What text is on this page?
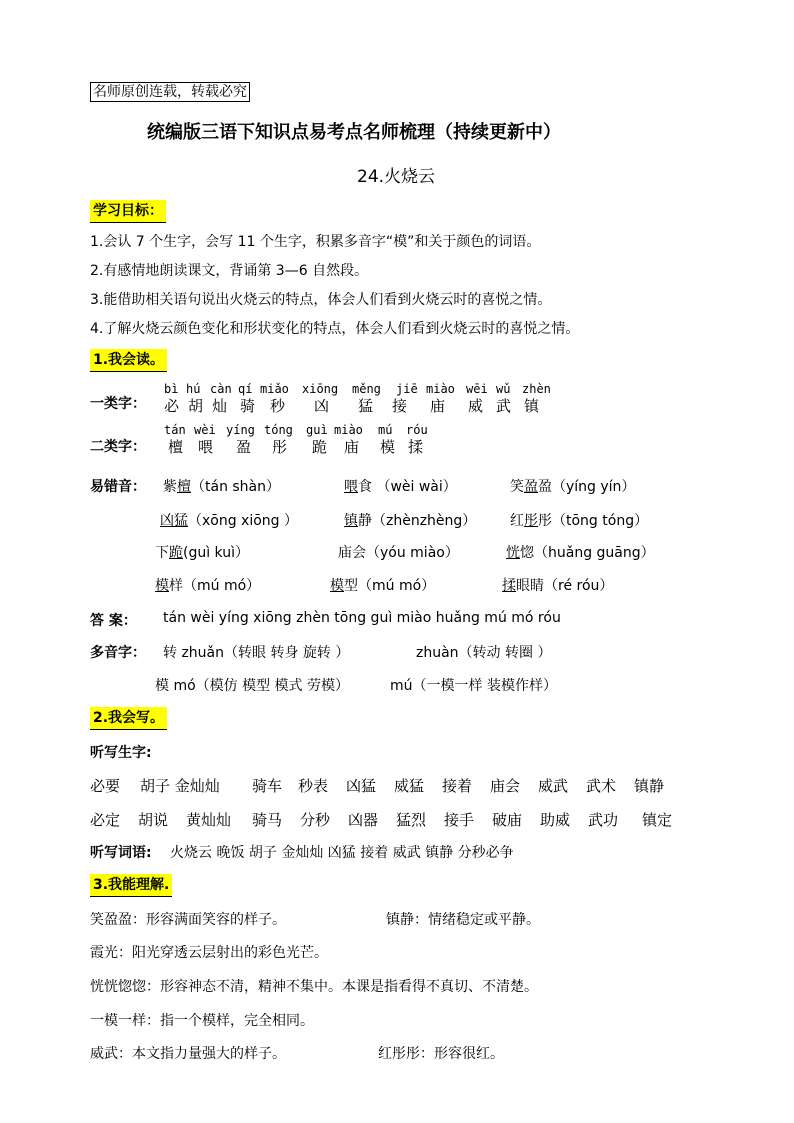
名师原创连载，转载必究
统编版三语下知识点易考点名师梳理（持续更新中）
24.火烧云
学习目标：
1.会认 7 个生字，会写 11 个生字，积累多音字“模”和关于颜色的词语。
2.有感情地朗读课文，背诵第 3—6 自然段。
3.能借助相关语句说出火烧云的特点，体会人们看到火烧云时的喜悦之情。
4.了解火烧云颜色变化和形状变化的特点，体会人们看到火烧云时的喜悦之情。
1.我会读。
一类字：
bì hú càn qí miǎo xiōng měng jiē miào wēi wǔ zhèn
必 胡 灿 骑 秒 凶 猛 接 庙 威 武 镇
二类字：
tán wèi yíng tóng guì miào mú róu
檀 喂 盈 彤 跪 庙 模 揉
易错音： 紫檀（tán shàn）	喂食 （wèi wài）	笑盈盈（yíng yín）
凶猛（xōng xiōng ）	镇静（zhènzhèng） 红彤彤（tōng tóng）
下跪(guì kuì）	庙会（yóu miào）	恍惚（huǎng guāng）
模样（mú mó）	模型（mú mó）	揉眼睛（ré róu）
答 案： tán wèi yíng xiōng zhèn tōng guì miào huǎng mú mó róu
多音字： 转 zhuǎn（转眼 转身 旋转 ）	zhuàn（转动 转圈 ）
模 mó（模仿 模型 模式 劳模）	mú（一模一样 装模作样）
2.我会写。
听写生字:
必要 胡子 金灿灿 骑车 秒表 凶猛 威猛 接着 庙会 威武 武术 镇静
必定 胡说 黄灿灿 骑马 分秒 凶器 猛烈 接手 破庙 助威 武功 镇定
听写词语: 火烧云 晚饭 胡子 金灿灿 凶猛 接着 威武 镇静 分秒必争
3.我能理解.
笑盈盈：形容满面笑容的样子。	镇静：情绪稳定或平静。
霞光：阳光穿透云层射出的彩色光芒。
恍恍惚惚：形容神态不清，精神不集中。本课是指看得不真切、不清楚。
一模一样：指一个模样，完全相同。
威武：本文指力量强大的样子。	红彤彤：形容很红。
